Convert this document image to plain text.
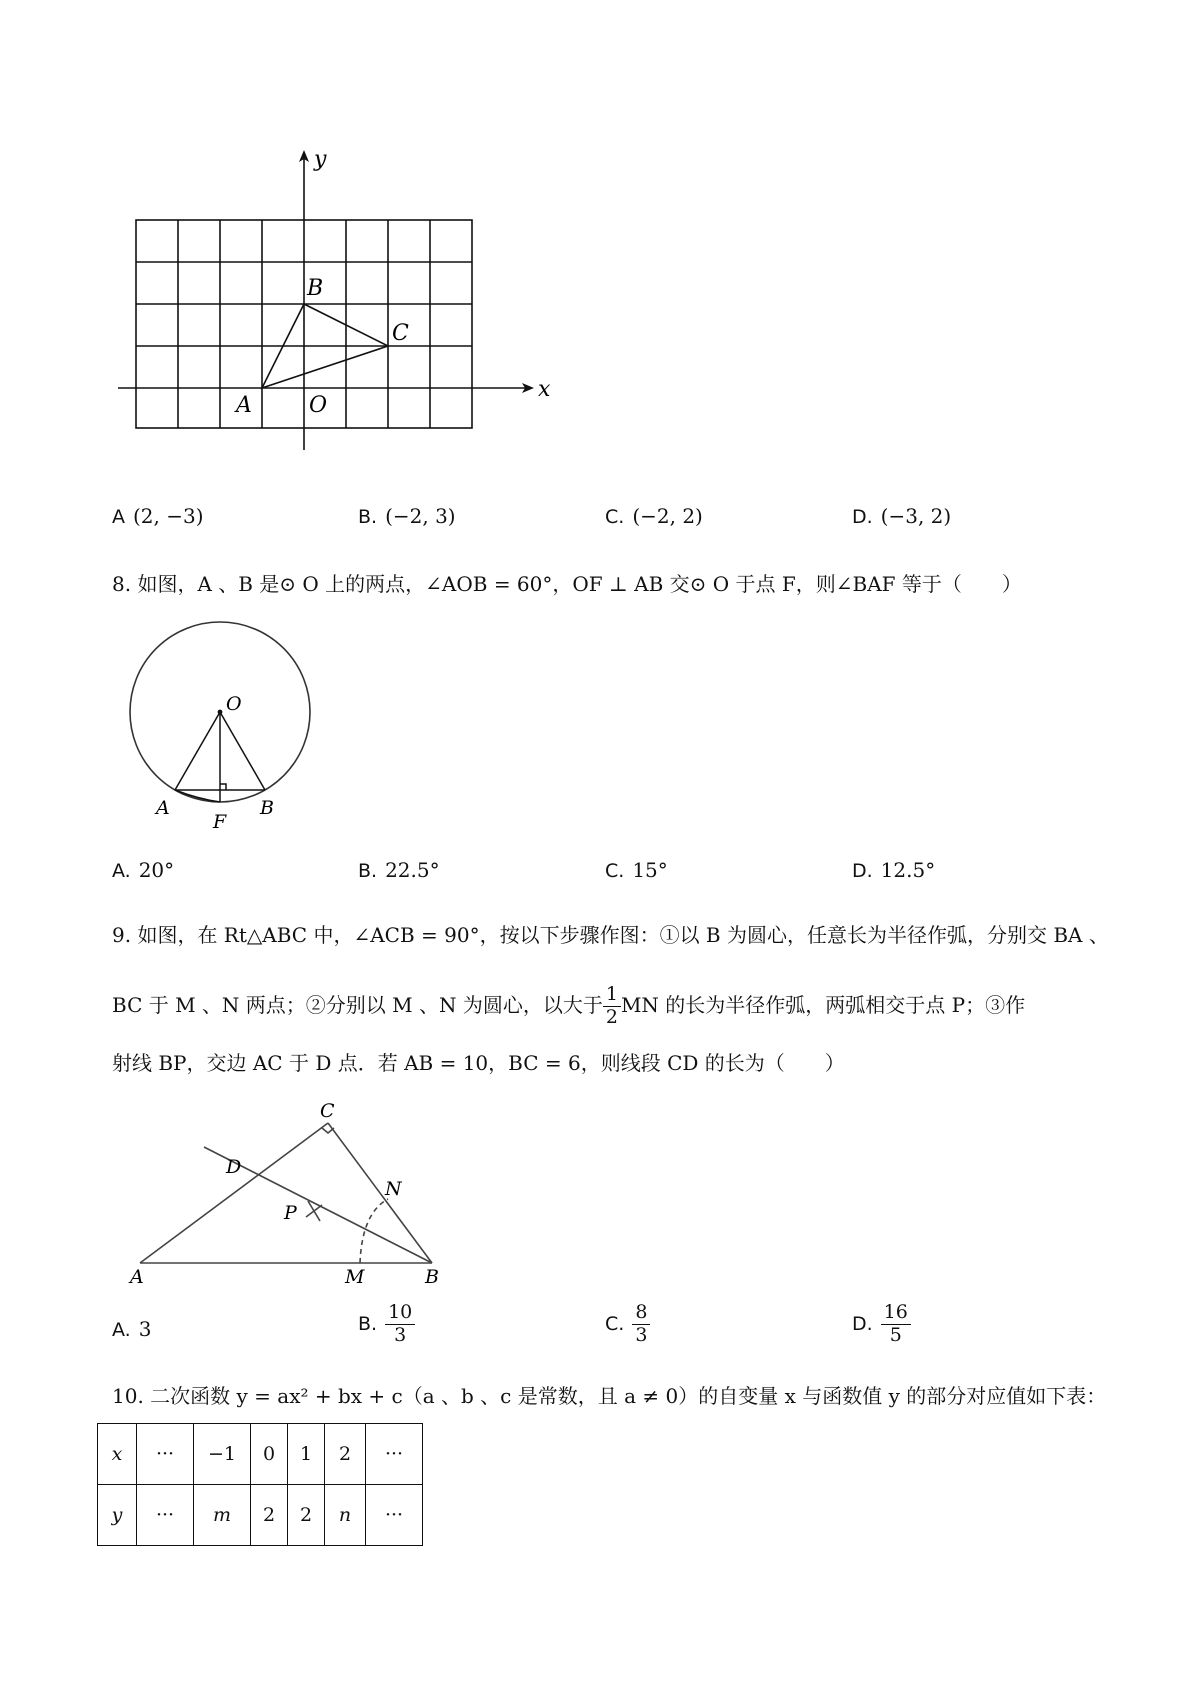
y
x
B
C
A	O
A (2, −3)	B. (−2, 3)	C. (−2, 2)	D. (−3, 2)
8. 如图，A 、B 是⊙ O 上的两点，∠AOB = 60°，OF ⊥ AB 交⊙ O 于点 F，则∠BAF 等于（　　）
O
A
F
B
A. 20°	B. 22.5°	C. 15°	D. 12.5°
9. 如图，在 Rt△ABC 中，∠ACB = 90°，按以下步骤作图：①以 B 为圆心，任意长为半径作弧，分别交 BA 、
BC 于 M 、N 两点；②分别以 M 、N 为圆心，以大于 $\frac{1}{2}$ MN 的长为半径作弧，两弧相交于点 P；③作
射线 BP，交边 AC 于 D 点．若 AB = 10，BC = 6，则线段 CD 的长为（　　）
C
D
N
P
A	M	B
A. 3	B. $\frac{10}{3}$	C. $\frac{8}{3}$	D. $\frac{16}{5}$
10. 二次函数 y = ax² + bx + c（a 、b 、c 是常数，且 a ≠ 0）的自变量 x 与函数值 y 的部分对应值如下表：
x	···	−1	0	1	2	···
y	···	m	2	2	n	···
